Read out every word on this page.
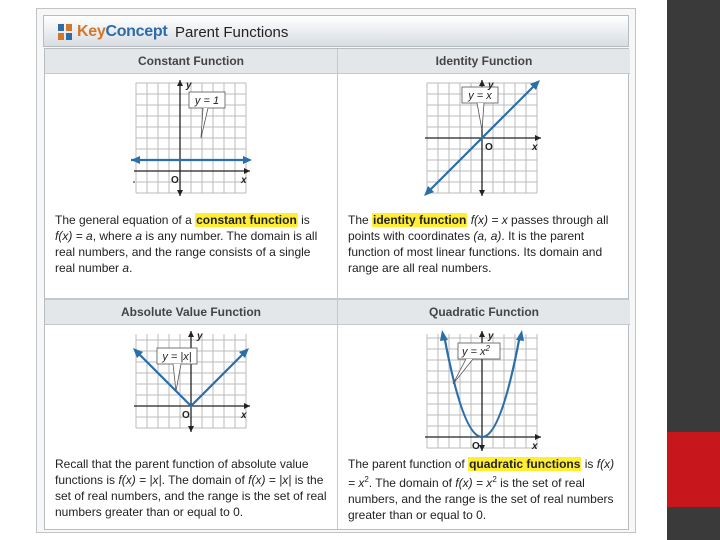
KeyConcept Parent Functions
Constant Function
y = 1
y
x
O
The general equation of a constant function is f(x) = a, where a is any number. The domain is all real numbers, and the range consists of a single real number a.
Identity Function
y = x
y
x
O
The identity function f(x) = x passes through all points with coordinates (a, a). It is the parent function of most linear functions. Its domain and range are all real numbers.
Absolute Value Function
y = |x|
y
x
O
Recall that the parent function of absolute value functions is f(x) = |x|. The domain of f(x) = |x| is the set of real numbers, and the range is the set of real numbers greater than or equal to 0.
Quadratic Function
$y = x^2$
y
x
O
The parent function of quadratic functions is $f(x) = x^2$. The domain of $f(x) = x^2$ is the set of real numbers, and the range is the set of real numbers greater than or equal to 0.
